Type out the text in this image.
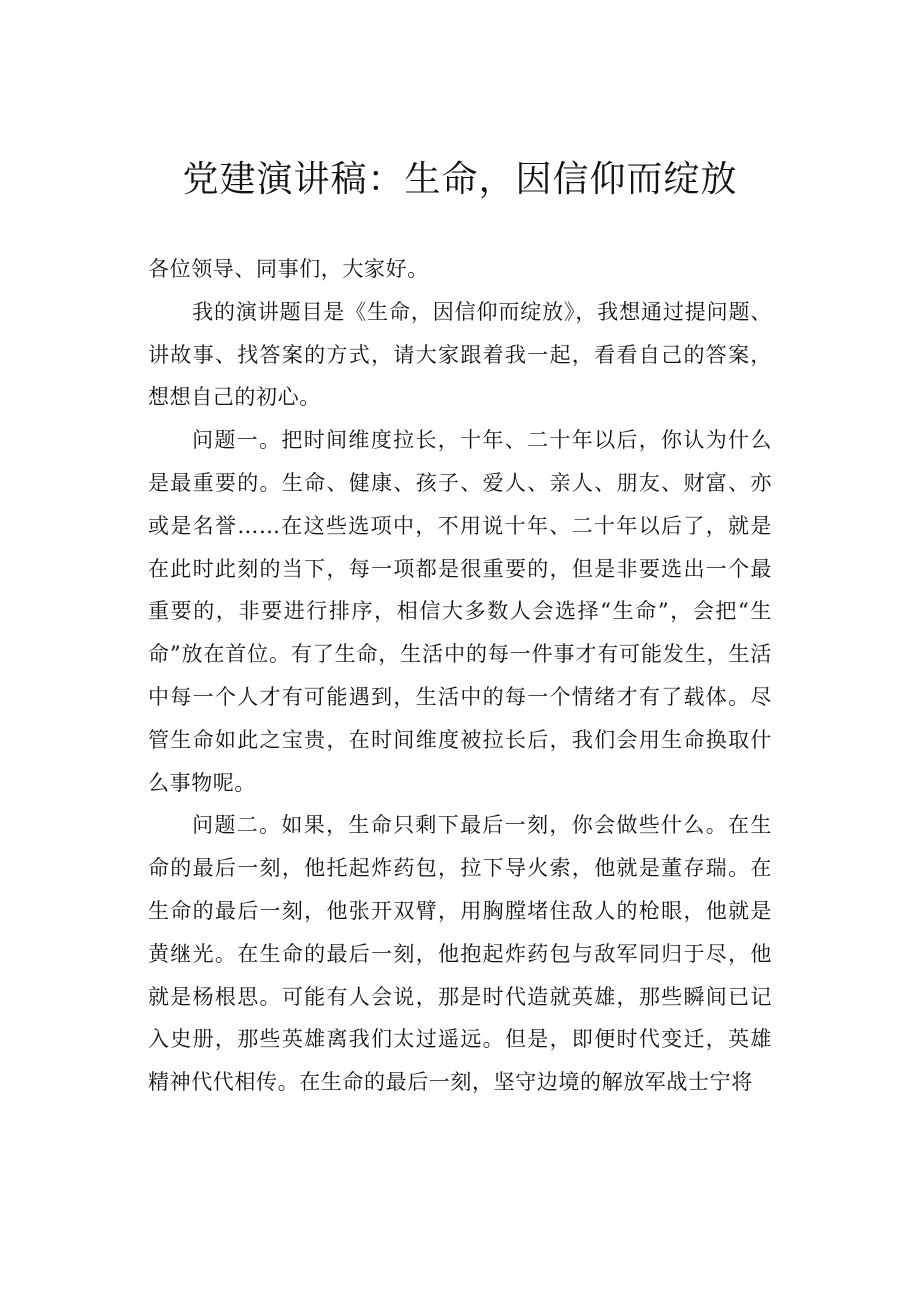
党建演讲稿：生命，因信仰而绽放

各位领导、同事们，大家好。

我的演讲题目是《生命，因信仰而绽放》，我想通过提问题、讲故事、找答案的方式，请大家跟着我一起，看看自己的答案，想想自己的初心。

问题一。把时间维度拉长，十年、二十年以后，你认为什么是最重要的。生命、健康、孩子、爱人、亲人、朋友、财富、亦或是名誉……在这些选项中，不用说十年、二十年以后了，就是在此时此刻的当下，每一项都是很重要的，但是非要选出一个最重要的，非要进行排序，相信大多数人会选择“生命”，会把“生命”放在首位。有了生命，生活中的每一件事才有可能发生，生活中每一个人才有可能遇到，生活中的每一个情绪才有了载体。尽管生命如此之宝贵，在时间维度被拉长后，我们会用生命换取什么事物呢。

问题二。如果，生命只剩下最后一刻，你会做些什么。在生命的最后一刻，他托起炸药包，拉下导火索，他就是董存瑞。在生命的最后一刻，他张开双臂，用胸膛堵住敌人的枪眼，他就是黄继光。在生命的最后一刻，他抱起炸药包与敌军同归于尽，他就是杨根思。可能有人会说，那是时代造就英雄，那些瞬间已记入史册，那些英雄离我们太过遥远。但是，即便时代变迁，英雄精神代代相传。在生命的最后一刻，坚守边境的解放军战士宁将
